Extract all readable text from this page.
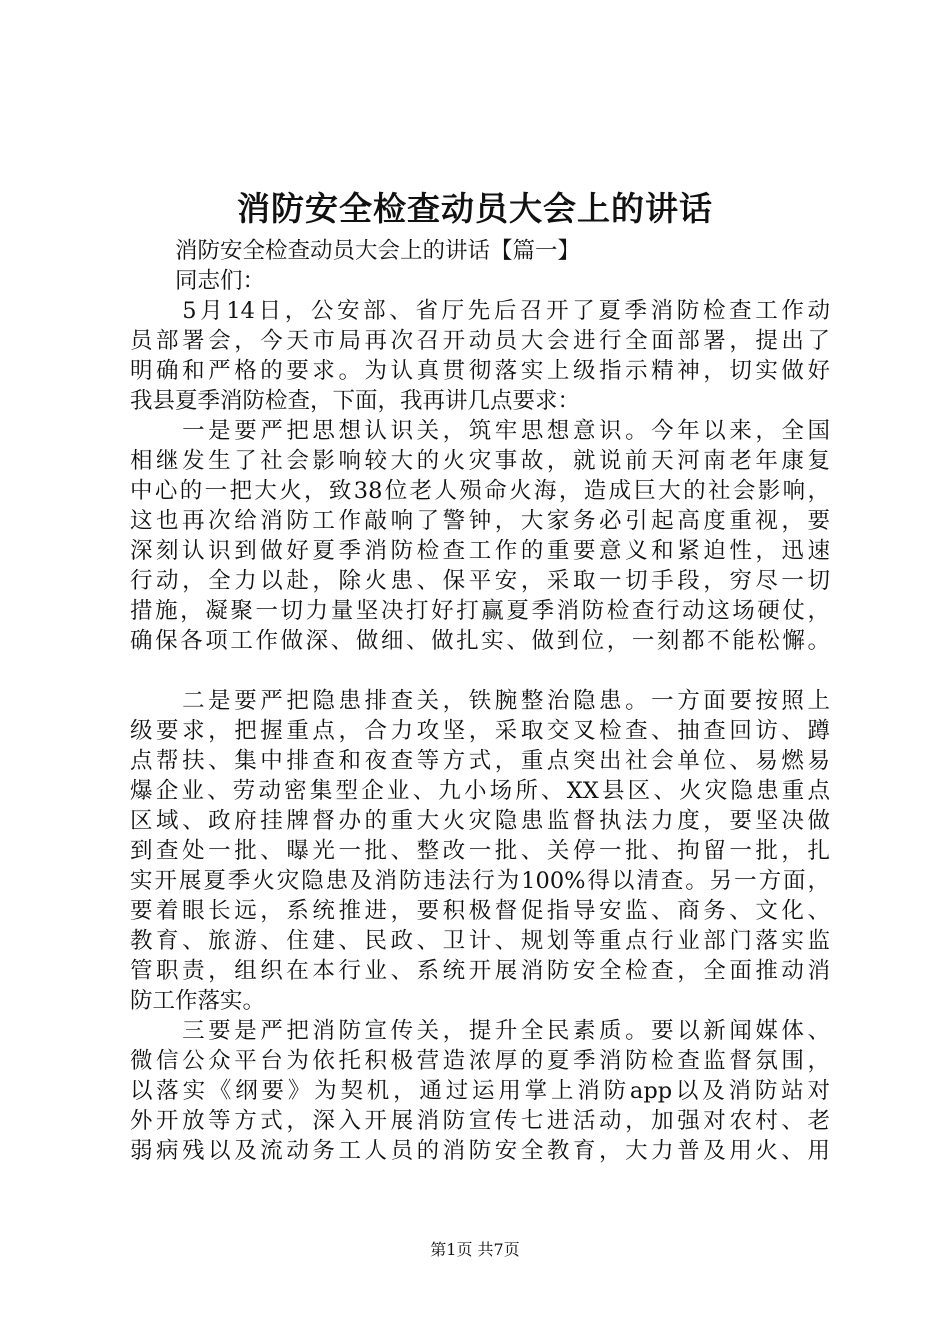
消防安全检查动员大会上的讲话
　　消防安全检查动员大会上的讲话【篇一】
　　同志们：
　　5月14日，公安部、省厅先后召开了夏季消防检查工作动
员部署会，今天市局再次召开动员大会进行全面部署，提出了
明确和严格的要求。为认真贯彻落实上级指示精神，切实做好
我县夏季消防检查，下面，我再讲几点要求：
　　一是要严把思想认识关，筑牢思想意识。今年以来，全国
相继发生了社会影响较大的火灾事故，就说前天河南老年康复
中心的一把大火，致38位老人殒命火海，造成巨大的社会影响，
这也再次给消防工作敲响了警钟，大家务必引起高度重视，要
深刻认识到做好夏季消防检查工作的重要意义和紧迫性，迅速
行动，全力以赴，除火患、保平安，采取一切手段，穷尽一切
措施，凝聚一切力量坚决打好打赢夏季消防检查行动这场硬仗，
确保各项工作做深、做细、做扎实、做到位，一刻都不能松懈。
　　二是要严把隐患排查关，铁腕整治隐患。一方面要按照上
级要求，把握重点，合力攻坚，采取交叉检查、抽查回访、蹲
点帮扶、集中排查和夜查等方式，重点突出社会单位、易燃易
爆企业、劳动密集型企业、九小场所、XX县区、火灾隐患重点
区域、政府挂牌督办的重大火灾隐患监督执法力度，要坚决做
到查处一批、曝光一批、整改一批、关停一批、拘留一批，扎
实开展夏季火灾隐患及消防违法行为100%得以清查。另一方面，
要着眼长远，系统推进，要积极督促指导安监、商务、文化、
教育、旅游、住建、民政、卫计、规划等重点行业部门落实监
管职责，组织在本行业、系统开展消防安全检查，全面推动消
防工作落实。
　　三要是严把消防宣传关，提升全民素质。要以新闻媒体、
微信公众平台为依托积极营造浓厚的夏季消防检查监督氛围，
以落实《纲要》为契机，通过运用掌上消防app以及消防站对
外开放等方式，深入开展消防宣传七进活动，加强对农村、老
弱病残以及流动务工人员的消防安全教育，大力普及用火、用
第1页 共7页
